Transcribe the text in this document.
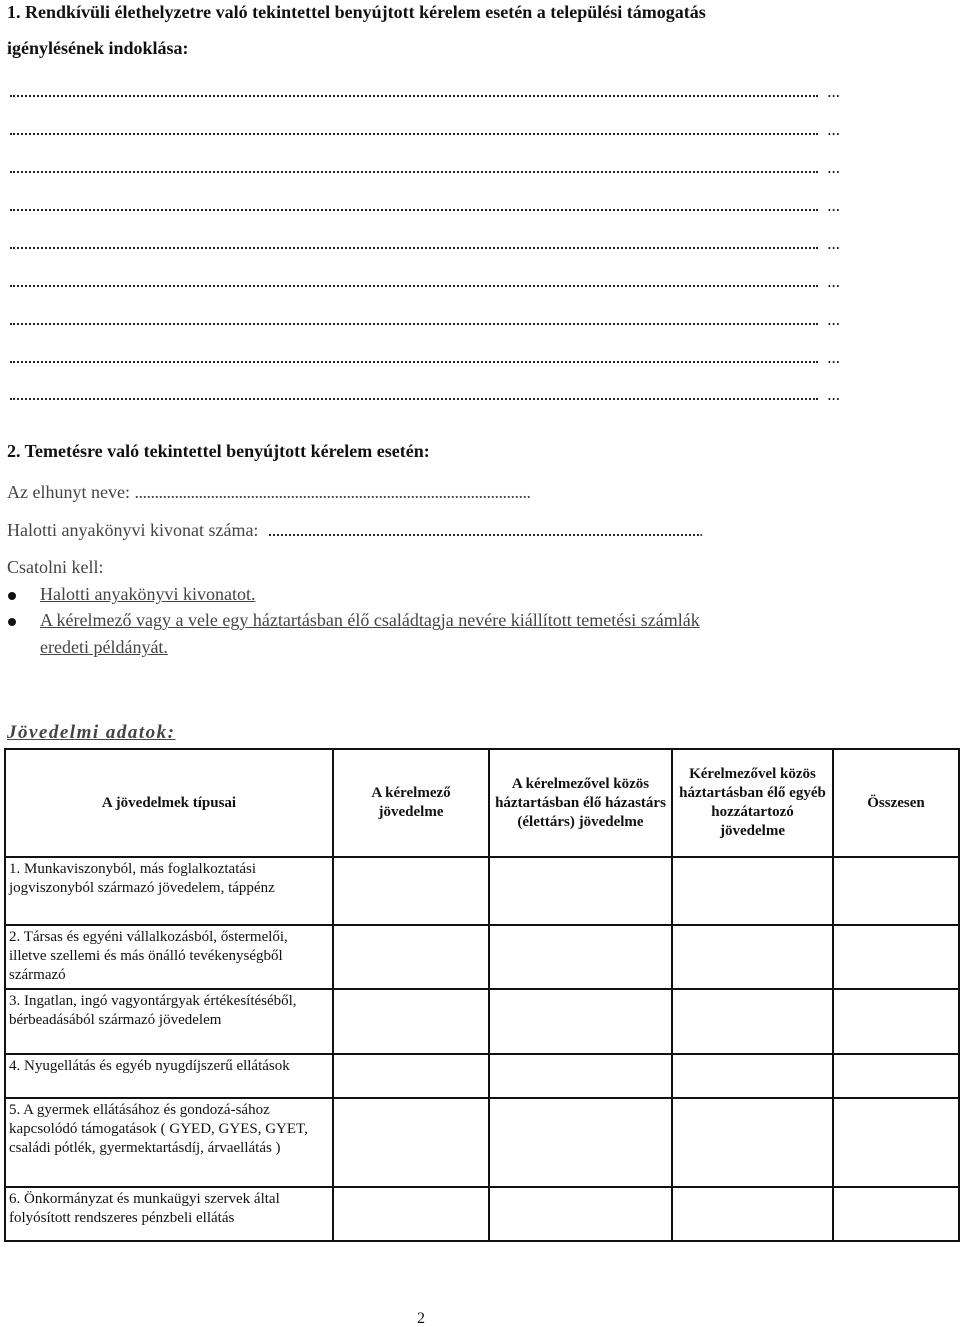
1. Rendkívüli élethelyzetre való tekintettel benyújtott kérelem esetén a települési támogatás
igénylésének indoklása:
...
...
...
...
...
...
...
...
...
2. Temetésre való tekintettel benyújtott kérelem esetén:
Az elhunyt neve: ...................................................................................................
Halotti anyakönyvi kivonat száma:	.
Csatolni kell:
Halotti anyakönyvi kivonatot.
A kérelmező vagy a vele egy háztartásban élő családtagja nevére kiállított temetési számlák
eredeti példányát.
Jövedelmi adatok:
A jövedelmek típusai	A kérelmező jövedelme	A kérelmezővel közös háztartásban élő házastárs (élettárs) jövedelme	Kérelmezővel közös háztartásban élő egyéb hozzátartozó jövedelme	Összesen
1. Munkaviszonyból, más foglalkoztatási jogviszonyból származó jövedelem, táppénz				
2. Társas és egyéni vállalkozásból, őstermelői, illetve szellemi és más önálló tevékenységből származó				
3. Ingatlan, ingó vagyontárgyak értékesítéséből, bérbeadásából származó jövedelem				
4. Nyugellátás és egyéb nyugdíjszerű ellátások				
5. A gyermek ellátásához és gondozá-sához kapcsolódó támogatások ( GYED, GYES, GYET, családi pótlék, gyermektartásdíj, árvaellátás )				
6. Önkormányzat és munkaügyi szervek által folyósított rendszeres pénzbeli ellátás				
2
